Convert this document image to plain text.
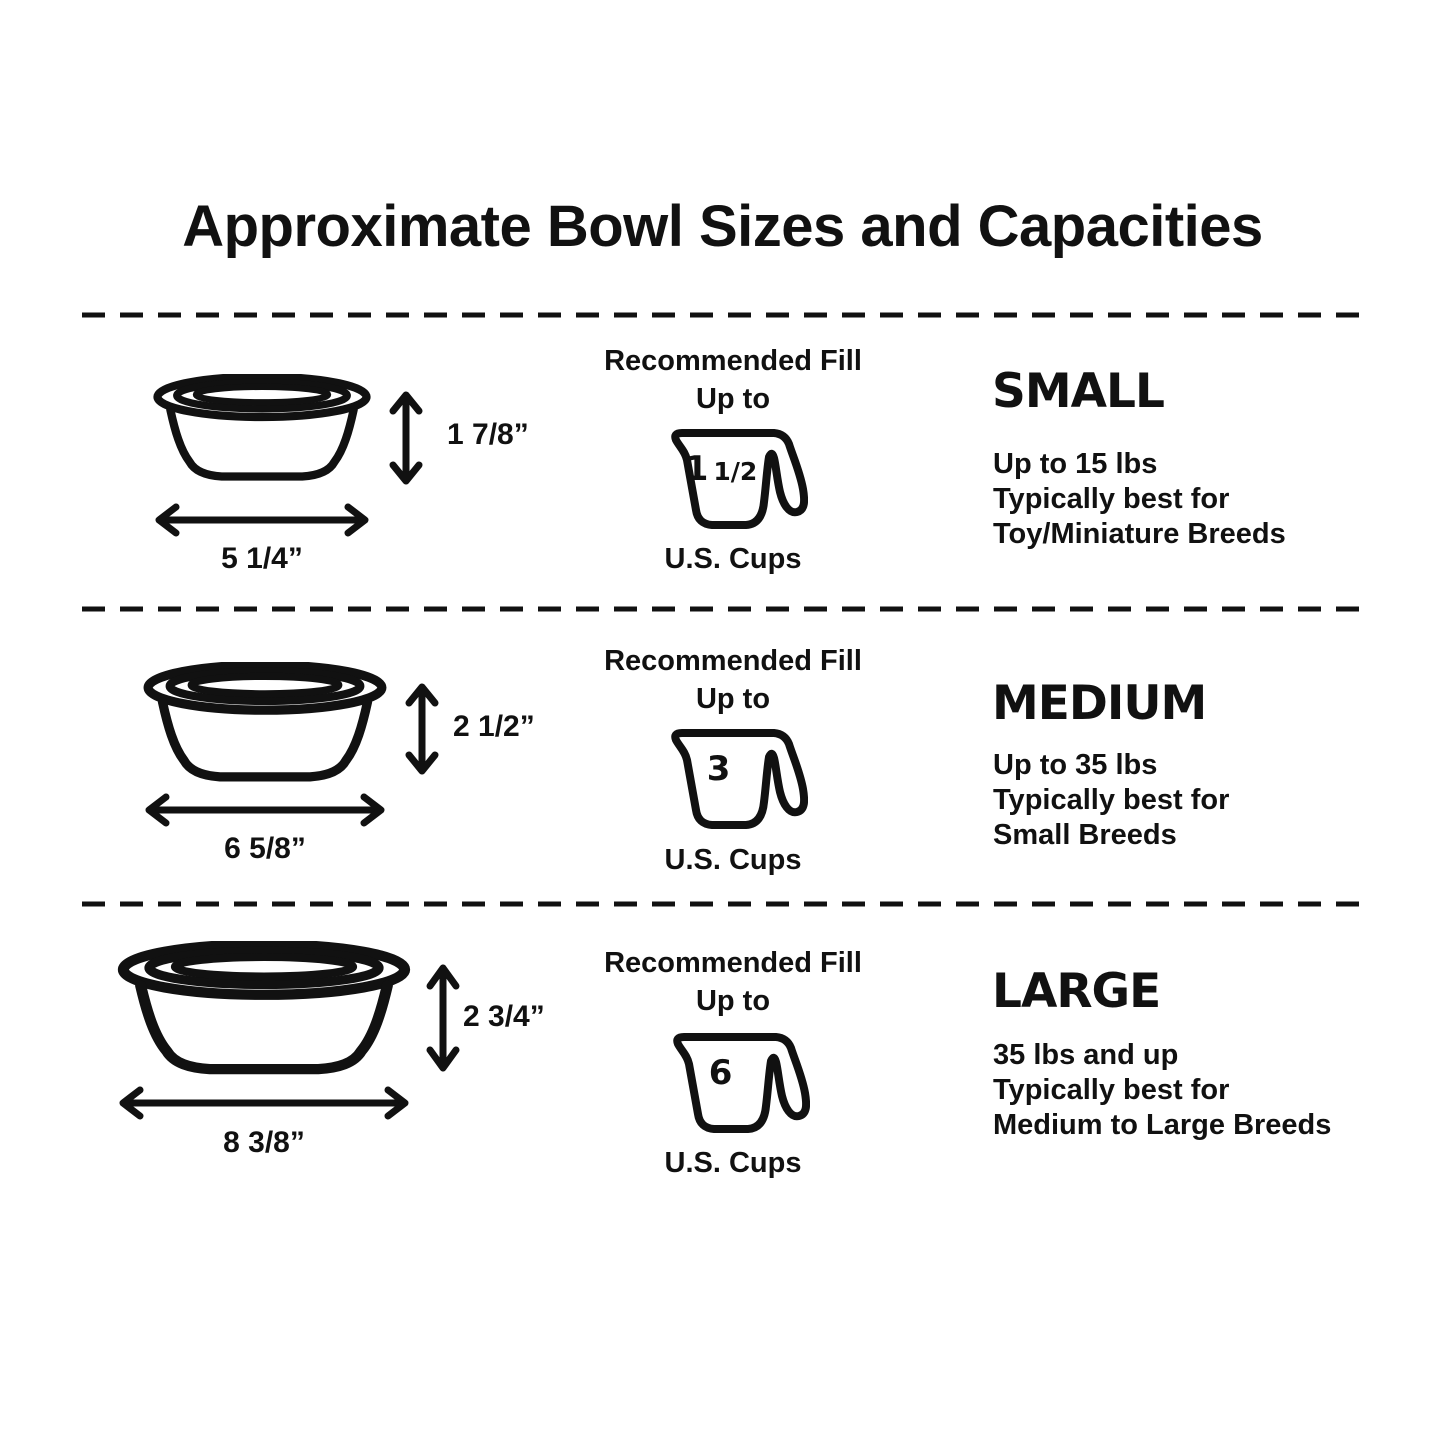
Approximate Bowl Sizes and Capacities
1 7/8”
5 1/4”
Recommended Fill
Up to
1 1/2
U.S. Cups
SMALL
Up to 15 lbs
Typically best for
Toy/Miniature Breeds
2 1/2”
6 5/8”
Recommended Fill
Up to
3
U.S. Cups
MEDIUM
Up to 35 lbs
Typically best for
Small Breeds
2 3/4”
8 3/8”
Recommended Fill
Up to
6
U.S. Cups
LARGE
35 lbs and up
Typically best for
Medium to Large Breeds
